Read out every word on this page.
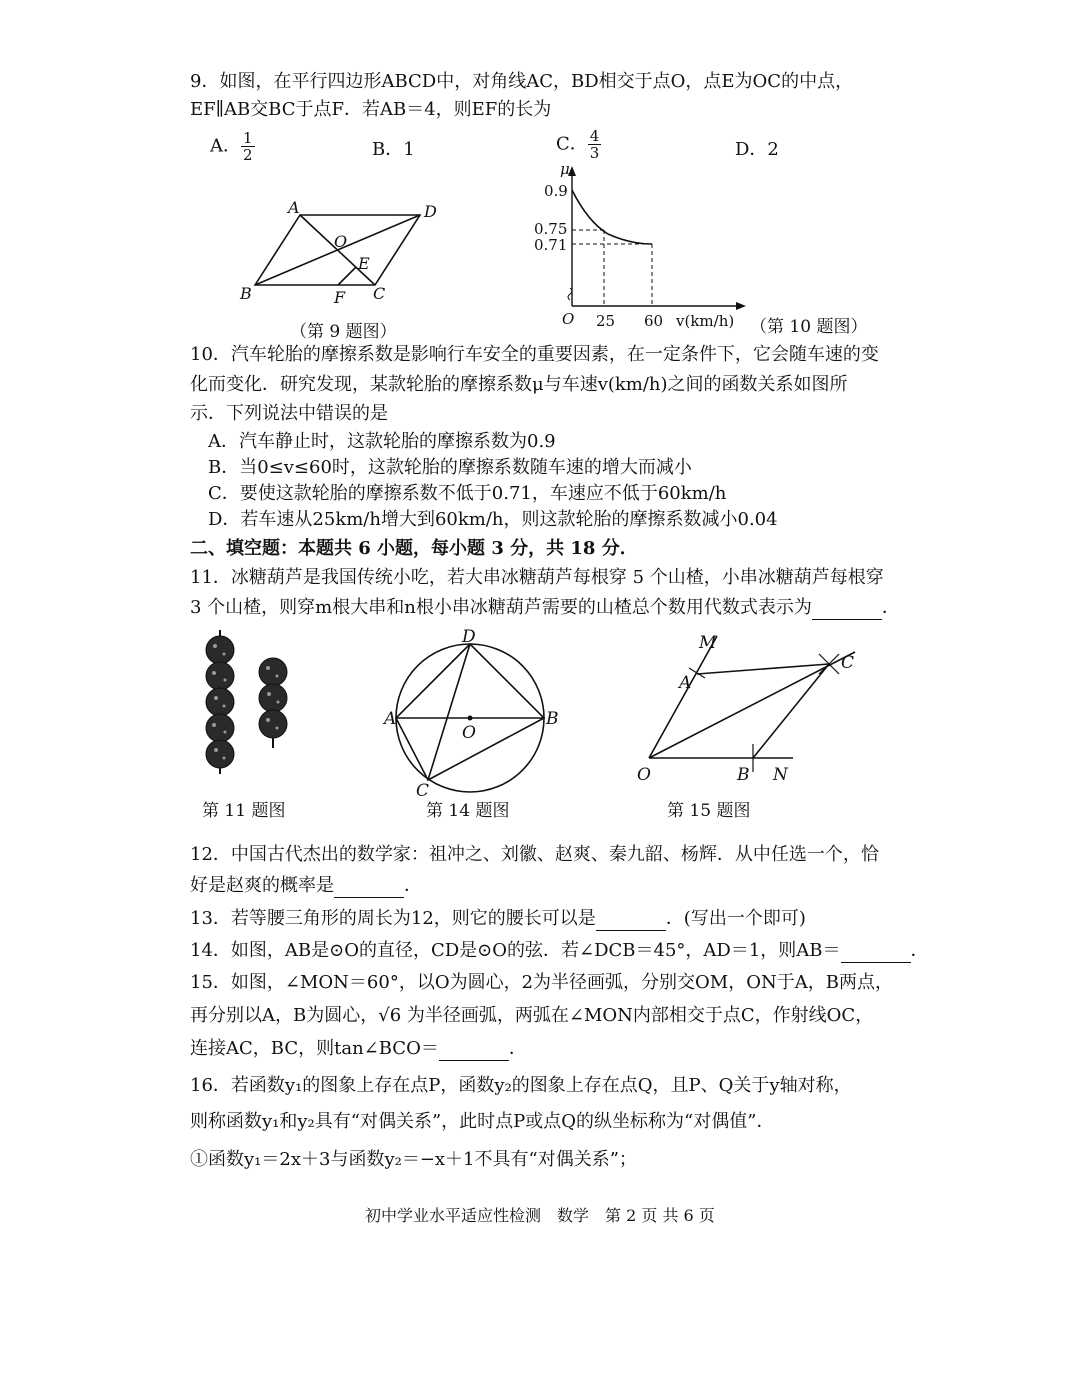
9．如图，在平行四边形ABCD中，对角线AC，BD相交于点O，点E为OC的中点，
EF∥AB交BC于点F．若AB＝4，则EF的长为
A． $\frac{1}{2}$	B．1	C． $\frac{4}{3}$	D．2
A	D
O
E
B	F C
（第 9 题图）
μ
0.9
0.75
0.71
O 25 60 v(km/h) （第 10 题图）
10．汽车轮胎的摩擦系数是影响行车安全的重要因素，在一定条件下，它会随车速的变
化而变化．研究发现，某款轮胎的摩擦系数μ与车速v(km/h)之间的函数关系如图所
示．下列说法中错误的是
A．汽车静止时，这款轮胎的摩擦系数为0.9
B．当0≤v≤60时，这款轮胎的摩擦系数随车速的增大而减小
C．要使这款轮胎的摩擦系数不低于0.71，车速应不低于60km/h
D．若车速从25km/h增大到60km/h，则这款轮胎的摩擦系数减小0.04
二、填空题：本题共 6 小题，每小题 3 分，共 18 分．
11．冰糖葫芦是我国传统小吃，若大串冰糖葫芦每根穿 5 个山楂，小串冰糖葫芦每根穿
3 个山楂，则穿m根大串和n根小串冰糖葫芦需要的山楂总个数用代数式表示为	．
第 11 题图
D
A
O
B
C
第 14 题图
M
A
C
O	B N
第 15 题图
12．中国古代杰出的数学家：祖冲之、刘徽、赵爽、秦九韶、杨辉．从中任选一个，恰
好是赵爽的概率是	．
13．若等腰三角形的周长为12，则它的腰长可以是	．(写出一个即可)
14．如图，AB是⊙O的直径，CD是⊙O的弦．若∠DCB＝45°，AD＝1，则AB＝	．
15．如图，∠MON＝60°，以O为圆心，2为半径画弧，分别交OM，ON于A，B两点，
再分别以A，B为圆心，√6 为半径画弧，两弧在∠MON内部相交于点C，作射线OC，
连接AC，BC，则tan∠BCO＝	．
16．若函数y₁的图象上存在点P，函数y₂的图象上存在点Q，且P、Q关于y轴对称，
则称函数y₁和y₂具有“对偶关系”，此时点P或点Q的纵坐标称为“对偶值”．
①函数y₁＝2x＋3与函数y₂＝−x＋1不具有“对偶关系”；
初中学业水平适应性检测　数学　第 2 页 共 6 页
